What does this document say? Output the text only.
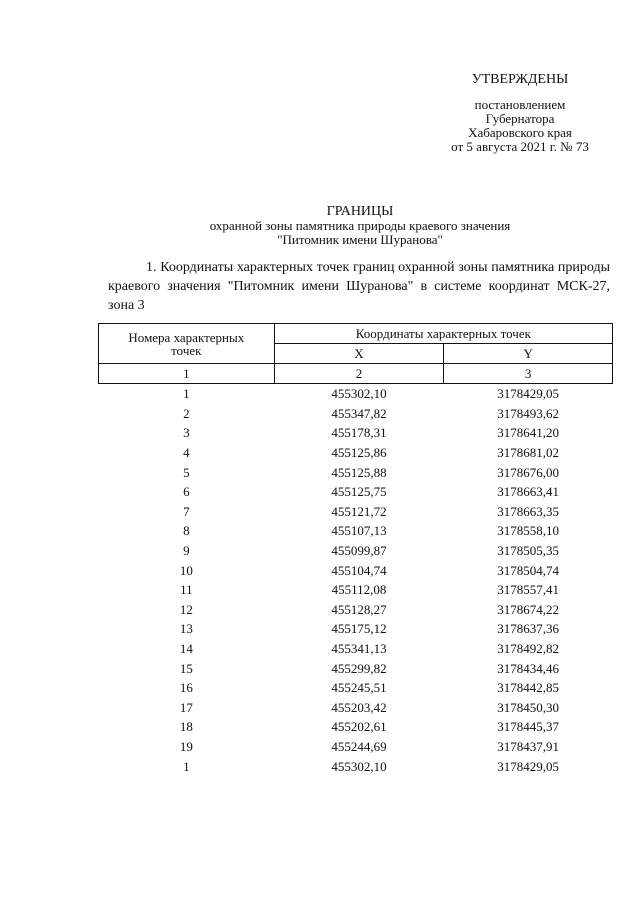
УТВЕРЖДЕНЫ
постановлением
Губернатора
Хабаровского края
от 5 августа 2021 г. № 73
ГРАНИЦЫ
охранной зоны памятника природы краевого значения
"Питомник имени Шуранова"

1. Координаты характерных точек границ охранной зоны памятника природы краевого значения "Питомник имени Шуранова" в системе координат МСК-27, зона 3

Номера характерных
точек	Координаты характерных точек	
	X	Y
1	2	3
1	455302,10	3178429,05
2	455347,82	3178493,62
3	455178,31	3178641,20
4	455125,86	3178681,02
5	455125,88	3178676,00
6	455125,75	3178663,41
7	455121,72	3178663,35
8	455107,13	3178558,10
9	455099,87	3178505,35
10	455104,74	3178504,74
11	455112,08	3178557,41
12	455128,27	3178674,22
13	455175,12	3178637,36
14	455341,13	3178492,82
15	455299,82	3178434,46
16	455245,51	3178442,85
17	455203,42	3178450,30
18	455202,61	3178445,37
19	455244,69	3178437,91
1	455302,10	3178429,05
